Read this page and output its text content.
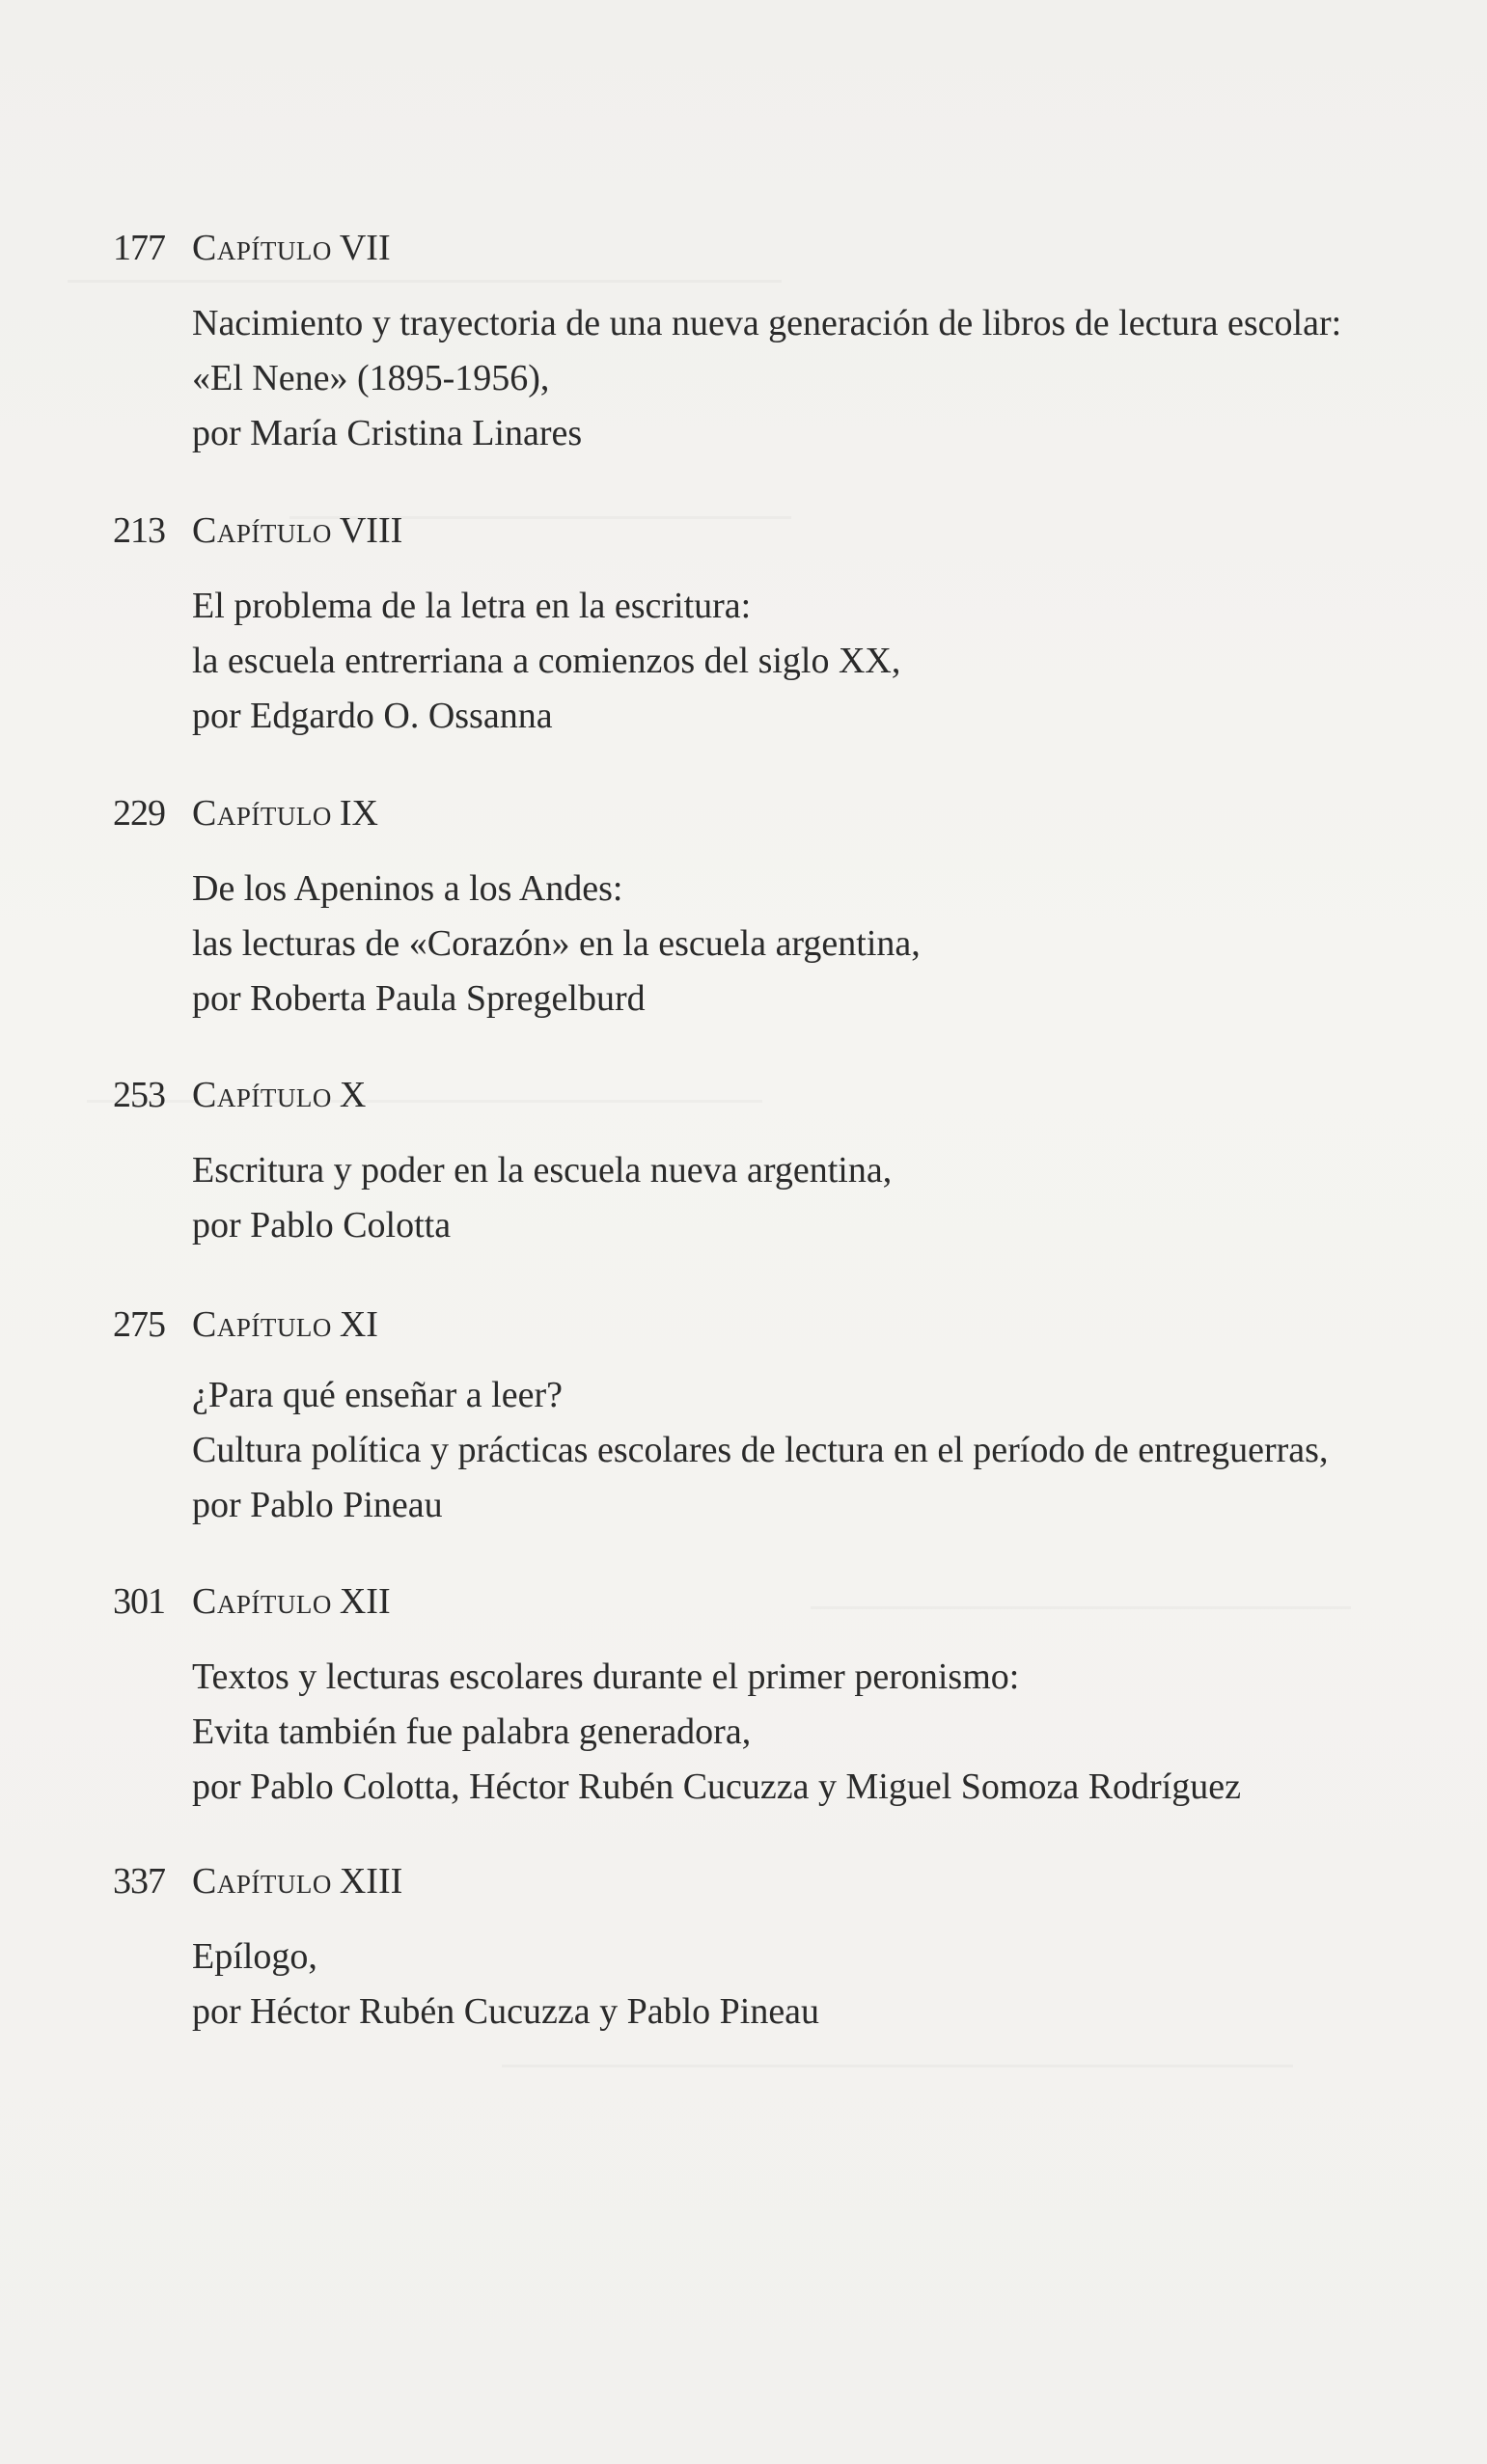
177 Capítulo VII
Nacimiento y trayectoria de una nueva generación de libros de lectura escolar:
«El Nene» (1895-1956),
por María Cristina Linares
213 Capítulo VIII
El problema de la letra en la escritura:
la escuela entrerriana a comienzos del siglo XX,
por Edgardo O. Ossanna
229 Capítulo IX
De los Apeninos a los Andes:
las lecturas de «Corazón» en la escuela argentina,
por Roberta Paula Spregelburd
253 Capítulo X
Escritura y poder en la escuela nueva argentina,
por Pablo Colotta
275 Capítulo XI
¿Para qué enseñar a leer?
Cultura política y prácticas escolares de lectura en el período de entreguerras,
por Pablo Pineau
301 Capítulo XII
Textos y lecturas escolares durante el primer peronismo:
Evita también fue palabra generadora,
por Pablo Colotta, Héctor Rubén Cucuzza y Miguel Somoza Rodríguez
337 Capítulo XIII
Epílogo,
por Héctor Rubén Cucuzza y Pablo Pineau
